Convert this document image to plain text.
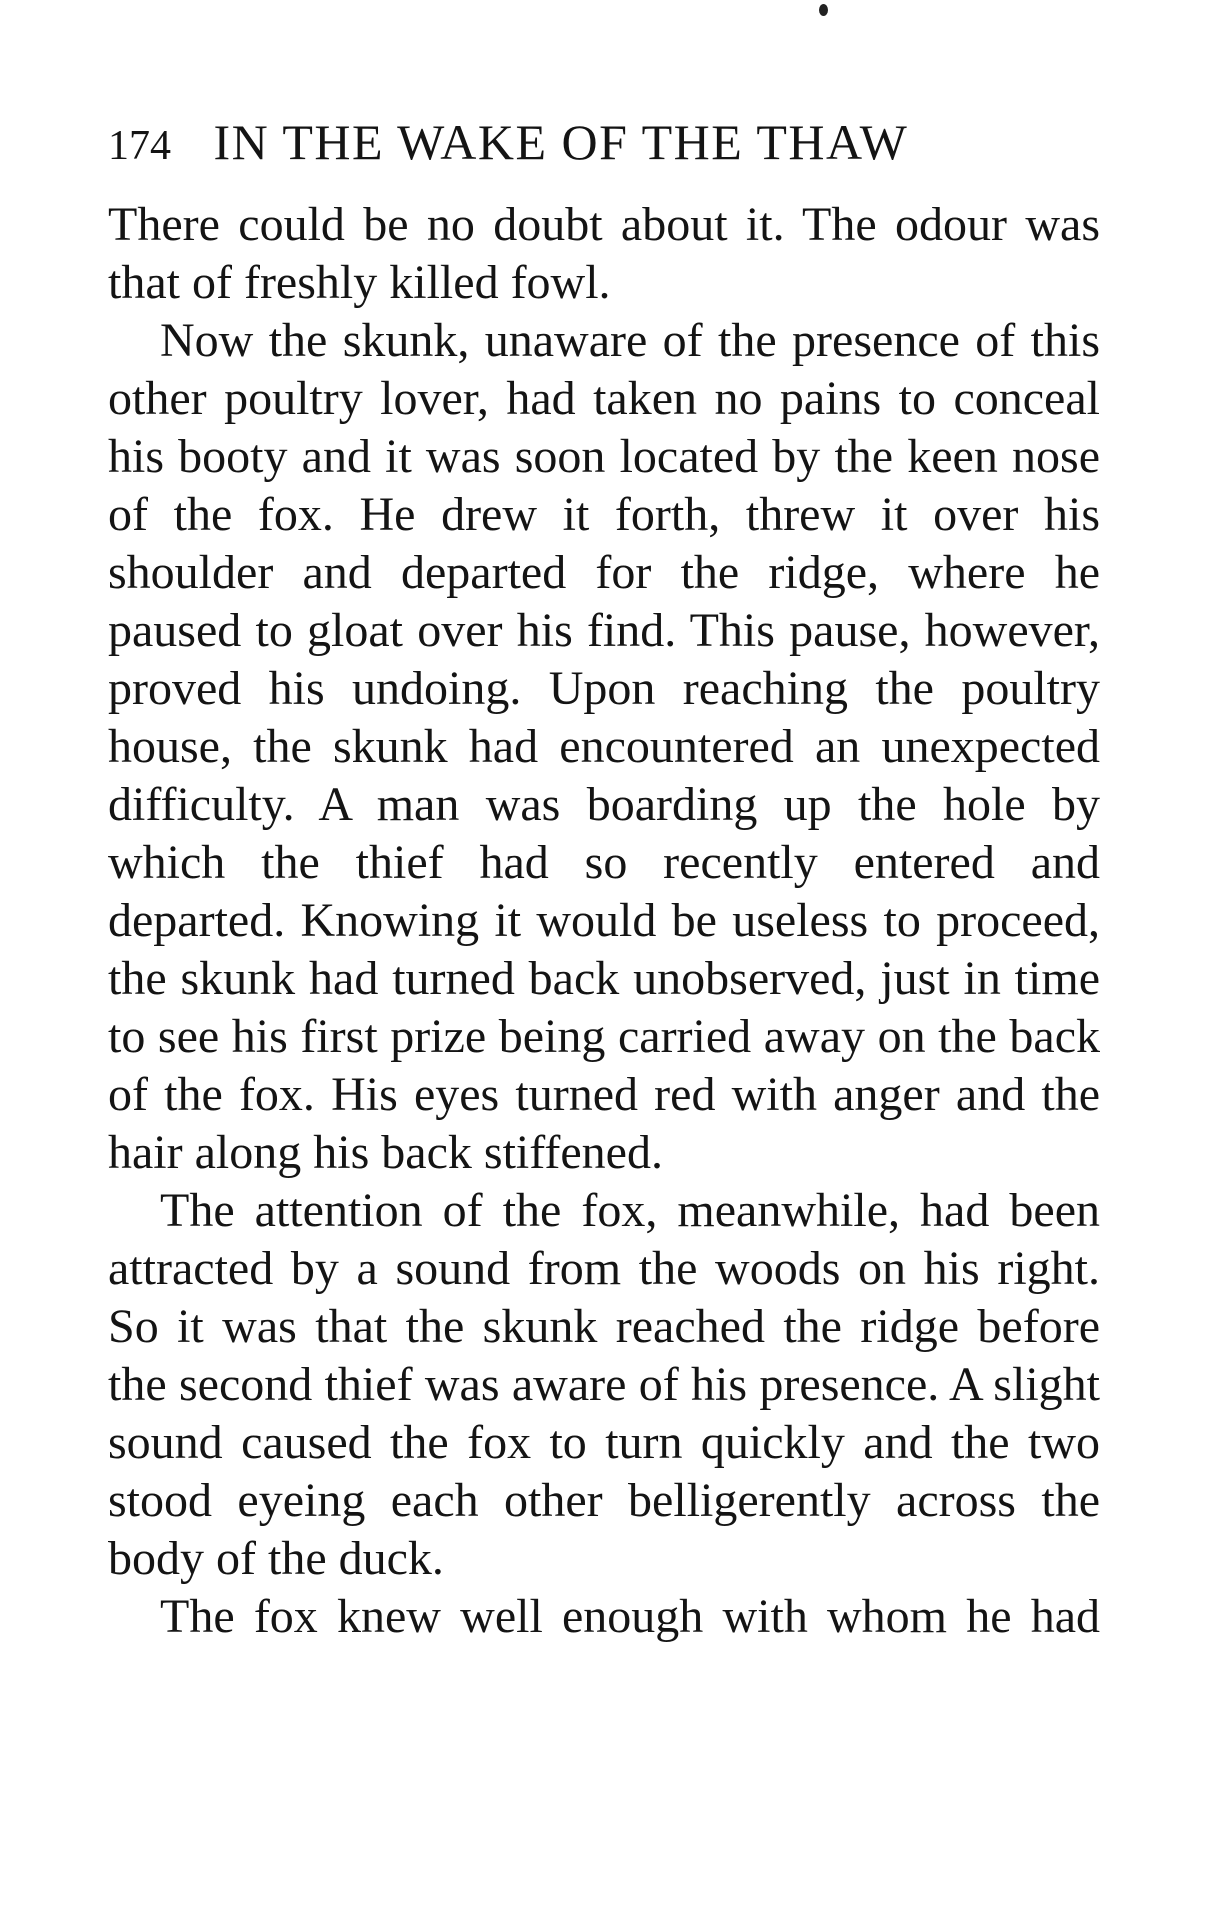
174 IN THE WAKE OF THE THAW

There could be no doubt about it. The odour was that of freshly killed fowl.

Now the skunk, unaware of the presence of this other poultry lover, had taken no pains to conceal his booty and it was soon located by the keen nose of the fox. He drew it forth, threw it over his shoulder and departed for the ridge, where he paused to gloat over his find. This pause, however, proved his undoing. Upon reaching the poultry house, the skunk had encountered an unexpected difficulty. A man was boarding up the hole by which the thief had so recently entered and departed. Knowing it would be useless to proceed, the skunk had turned back unobserved, just in time to see his first prize being carried away on the back of the fox. His eyes turned red with anger and the hair along his back stiffened.

The attention of the fox, meanwhile, had been attracted by a sound from the woods on his right. So it was that the skunk reached the ridge before the second thief was aware of his presence. A slight sound caused the fox to turn quickly and the two stood eyeing each other belligerently across the body of the duck.

The fox knew well enough with whom he had
